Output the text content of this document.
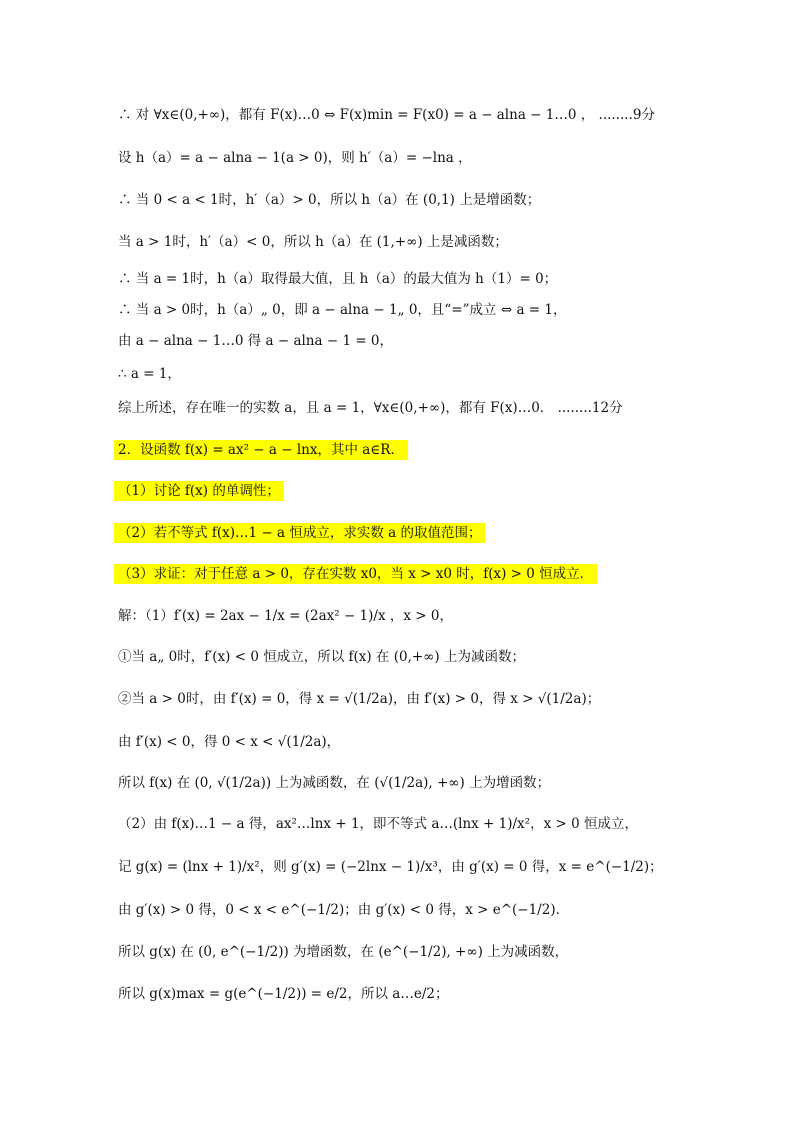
∴ 对 ∀x∈(0,+∞)，都有 F(x)…0 ⇔ F(x)min = F(x0) = a − alna − 1…0 ， ........9分
设 h（a）= a − alna − 1(a > 0)，则 h′（a）= −lna ，
∴ 当 0 < a < 1时，h′（a）> 0，所以 h（a）在 (0,1) 上是增函数；
当 a > 1时，h′（a）< 0，所以 h（a）在 (1,+∞) 上是减函数；
∴ 当 a = 1时，h（a）取得最大值，且 h（a）的最大值为 h（1）= 0；
∴ 当 a > 0时，h（a）„ 0，即 a − alna − 1„ 0，且“=”成立 ⇔ a = 1，
由 a − alna − 1…0 得 a − alna − 1 = 0，
∴ a = 1，
综上所述，存在唯一的实数 a，且 a = 1，∀x∈(0,+∞)，都有 F(x)…0． ........12分
2．设函数 f(x) = ax² − a − lnx，其中 a∈R．
（1）讨论 f(x) 的单调性；
（2）若不等式 f(x)…1 − a 恒成立，求实数 a 的取值范围；
（3）求证：对于任意 a > 0，存在实数 x0，当 x > x0 时，f(x) > 0 恒成立．
解：（1）f′(x) = 2ax − 1/x = (2ax² − 1)/x ，x > 0，
①当 a„ 0时，f′(x) < 0 恒成立，所以 f(x) 在 (0,+∞) 上为减函数；
②当 a > 0时，由 f′(x) = 0，得 x = √(1/2a)，由 f′(x) > 0，得 x > √(1/2a)；
由 f′(x) < 0，得 0 < x < √(1/2a)，
所以 f(x) 在 (0, √(1/2a)) 上为减函数，在 (√(1/2a), +∞) 上为增函数；
（2）由 f(x)…1 − a 得，ax²…lnx + 1，即不等式 a…(lnx + 1)/x²，x > 0 恒成立，
记 g(x) = (lnx + 1)/x²，则 g′(x) = (−2lnx − 1)/x³，由 g′(x) = 0 得，x = e^(−1/2)；
由 g′(x) > 0 得，0 < x < e^(−1/2)；由 g′(x) < 0 得，x > e^(−1/2)．
所以 g(x) 在 (0, e^(−1/2)) 为增函数，在 (e^(−1/2), +∞) 上为减函数，
所以 g(x)max = g(e^(−1/2)) = e/2，所以 a…e/2；
